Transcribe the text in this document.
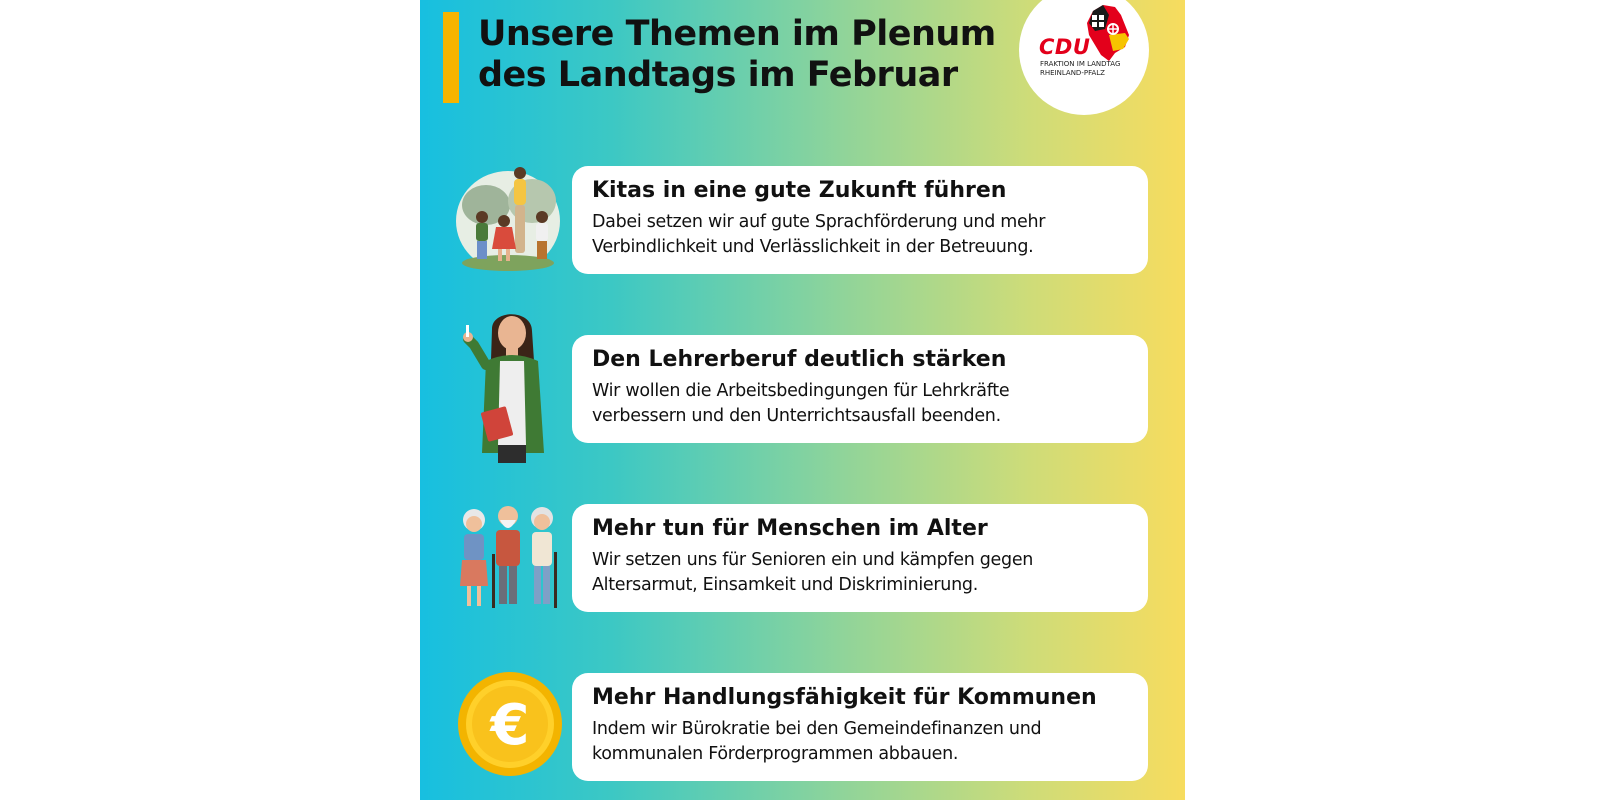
Unsere Themen im Plenum
des Landtags im Februar
CDU
FRAKTION IM LANDTAG
RHEINLAND-PFALZ
Kitas in eine gute Zukunft führen
Dabei setzen wir auf gute Sprachförderung und mehr
Verbindlichkeit und Verlässlichkeit in der Betreuung.
Den Lehrerberuf deutlich stärken
Wir wollen die Arbeitsbedingungen für Lehrkräfte
verbessern und den Unterrichtsausfall beenden.
Mehr tun für Menschen im Alter
Wir setzen uns für Senioren ein und kämpfen gegen
Altersarmut, Einsamkeit und Diskriminierung.
€	Mehr Handlungsfähigkeit für Kommunen
Indem wir Bürokratie bei den Gemeindefinanzen und
kommunalen Förderprogrammen abbauen.
